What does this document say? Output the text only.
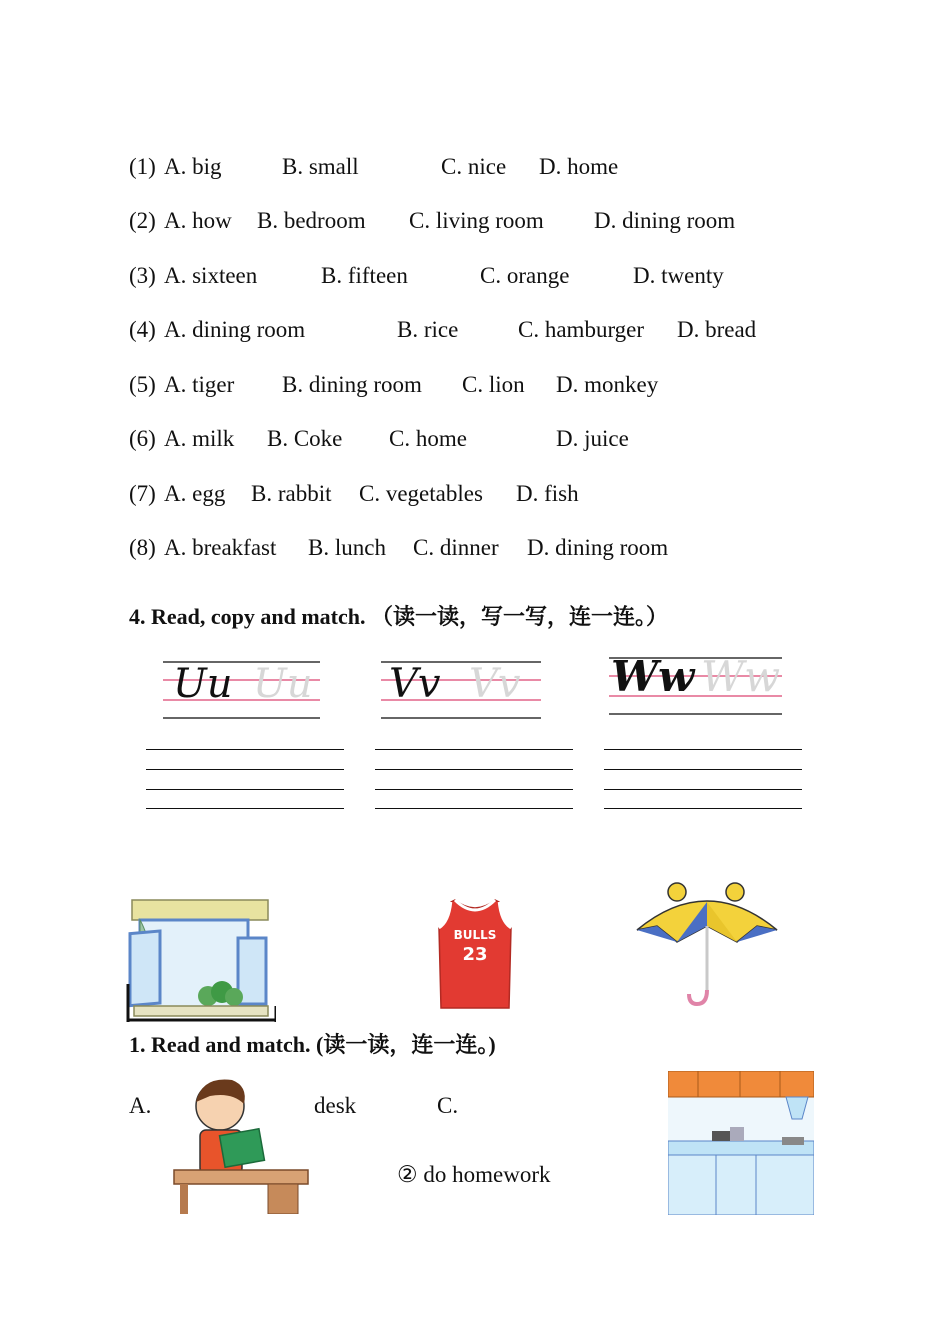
(1) A. big	B. small	C. nice D. home
(2) A. how B. bedroom C. living room D. dining room
(3) A. sixteen	B. fifteen	C. orange	D. twenty
(4) A. dining room	B. rice	C. hamburger D. bread
(5) A. tiger B. dining room C. lion D. monkey
(6) A. milk B. Coke C. home	D. juice
(7) A. egg B. rabbit C. vegetables D. fish
(8) A. breakfast B. lunch C. dinner D. dining room
4. Read, copy and match. （读一读，写一写，连一连。）
Uu Uu Vv Vv Ww Ww
BULLS
23
1. Read and match. (读一读，连一连。)
A.	desk	C.
② do homework
